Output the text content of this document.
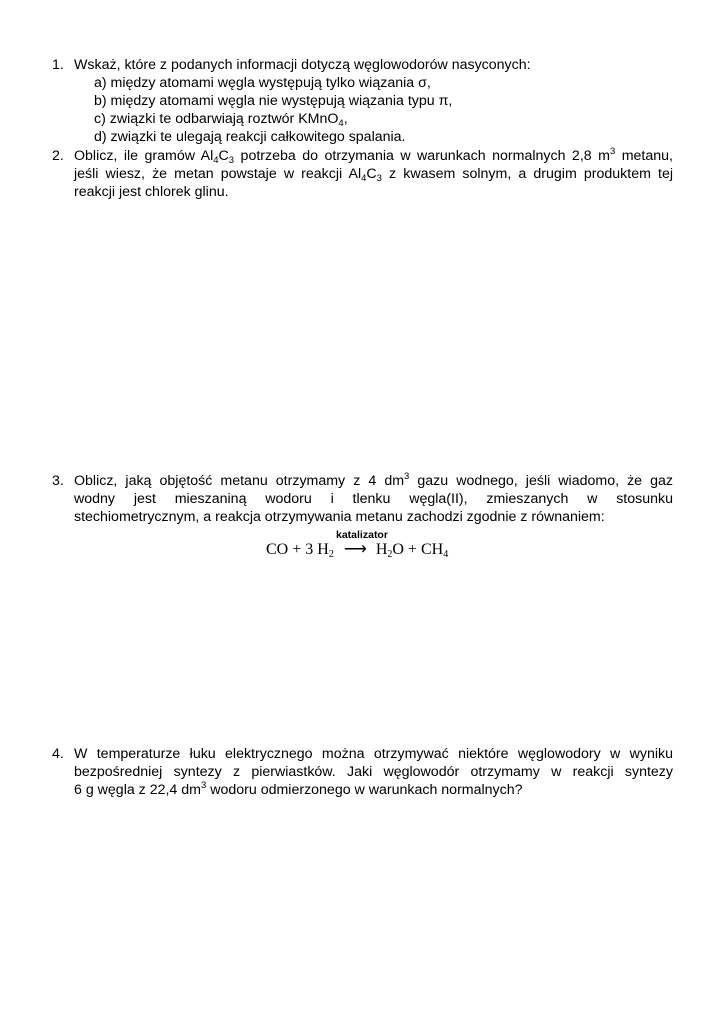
1. Wskaż, które z podanych informacji dotyczą węglowodorów nasyconych:
a) między atomami węgla występują tylko wiązania σ,
b) między atomami węgla nie występują wiązania typu π,
c) związki te odbarwiają roztwór KMnO$_4$,
d) związki te ulegają reakcji całkowitego spalania.
2. Oblicz, ile gramów $Al_4C_3$ potrzeba do otrzymania w warunkach normalnych 2,8 $m^3$ metanu,
jeśli wiesz, że metan powstaje w reakcji $Al_4C_3$ z kwasem solnym, a drugim produktem tej
reakcji jest chlorek glinu.
3. Oblicz, jaką objętość metanu otrzymamy z 4 $dm^3$ gazu wodnego, jeśli wiadomo, że gaz
wodny jest mieszaniną wodoru i tlenku węgla(II), zmieszanych w stosunku
stechiometrycznym, a reakcja otrzymywania metanu zachodzi zgodnie z równaniem:
katalizator
CO + 3 $H_2$ ⟶ $H_2O + CH_4$
4. W temperaturze łuku elektrycznego można otrzymywać niektóre węglowodory w wyniku
bezpośredniej syntezy z pierwiastków. Jaki węglowodór otrzymamy w reakcji syntezy
6 g węgla z 22,4 $dm^3$ wodoru odmierzonego w warunkach normalnych?
